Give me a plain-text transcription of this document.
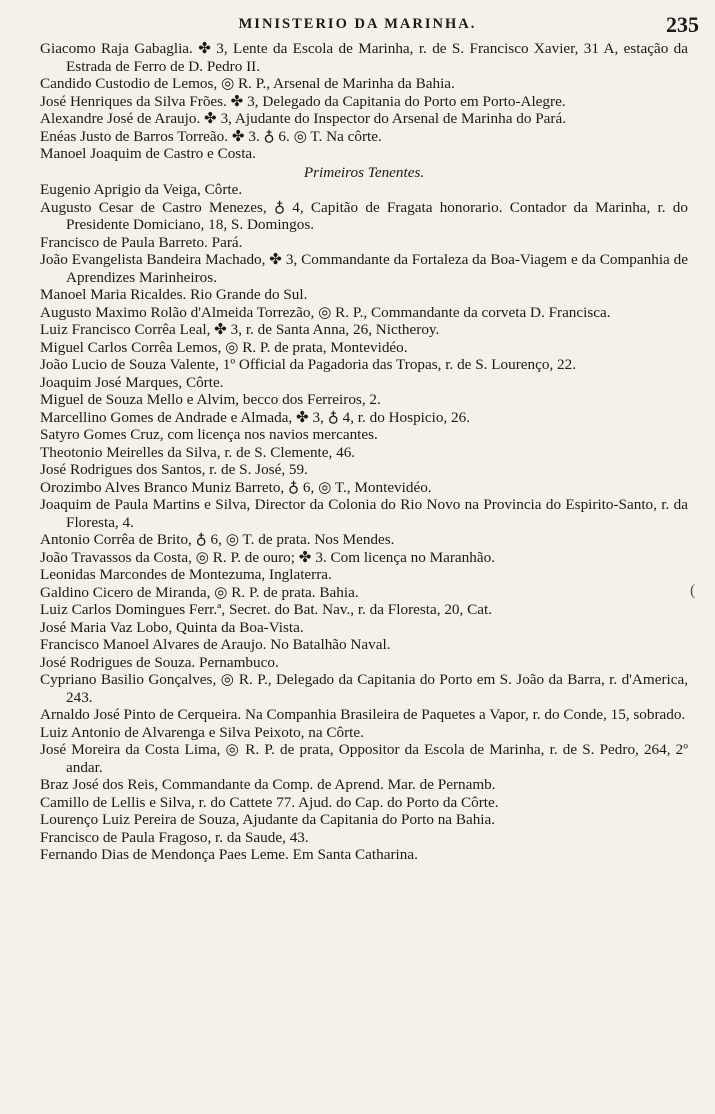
MINISTERIO DA MARINHA.	235

Giacomo Raja Gabaglia. ✤ 3, Lente da Escola de Marinha, r. de S. Francisco Xavier, 31 A, estação da Estrada de Ferro de D. Pedro II.

Candido Custodio de Lemos, ◎ R. P., Arsenal de Marinha da Bahia.

José Henriques da Silva Frões. ✤ 3, Delegado da Capitania do Porto em Porto-Alegre.

Alexandre José de Araujo. ✤ 3, Ajudante do Inspector do Arsenal de Marinha do Pará.

Enéas Justo de Barros Torreão. ✤ 3. ♁ 6. ◎ T. Na côrte.

Manoel Joaquim de Castro e Costa.

Primeiros Tenentes.

Eugenio Aprigio da Veiga, Côrte.

Augusto Cesar de Castro Menezes, ♁ 4, Capitão de Fragata honorario. Contador da Marinha, r. do Presidente Domiciano, 18, S. Domingos.

Francisco de Paula Barreto. Pará.

João Evangelista Bandeira Machado, ✤ 3, Commandante da Fortaleza da Boa-Viagem e da Companhia de Aprendizes Marinheiros.

Manoel Maria Ricaldes. Rio Grande do Sul.

Augusto Maximo Rolão d'Almeida Torrezão, ◎ R. P., Commandante da corveta D. Francisca.

Luiz Francisco Corrêa Leal, ✤ 3, r. de Santa Anna, 26, Nictheroy.

Miguel Carlos Corrêa Lemos, ◎ R. P. de prata, Montevidéo.

João Lucio de Souza Valente, 1º Official da Pagadoria das Tropas, r. de S. Lourenço, 22.

Joaquim José Marques, Côrte.

Miguel de Souza Mello e Alvim, becco dos Ferreiros, 2.

Marcellino Gomes de Andrade e Almada, ✤ 3, ♁ 4, r. do Hospicio, 26.

Satyro Gomes Cruz, com licença nos navios mercantes.

Theotonio Meirelles da Silva, r. de S. Clemente, 46.

José Rodrigues dos Santos, r. de S. José, 59.

Orozimbo Alves Branco Muniz Barreto, ♁ 6, ◎ T., Montevidéo.

Joaquim de Paula Martins e Silva, Director da Colonia do Rio Novo na Provincia do Espirito-Santo, r. da Floresta, 4.

Antonio Corrêa de Brito, ♁ 6, ◎ T. de prata. Nos Mendes.

João Travassos da Costa, ◎ R. P. de ouro; ✤ 3. Com licença no Maranhão.

Leonidas Marcondes de Montezuma, Inglaterra.

Galdino Cicero de Miranda, ◎ R. P. de prata. Bahia.

Luiz Carlos Domingues Ferr.ª, Secret. do Bat. Nav., r. da Floresta, 20, Cat.

José Maria Vaz Lobo, Quinta da Boa-Vista.

Francisco Manoel Alvares de Araujo. No Batalhão Naval.

José Rodrigues de Souza. Pernambuco.

Cypriano Basilio Gonçalves, ◎ R. P., Delegado da Capitania do Porto em S. João da Barra, r. d'America, 243.

Arnaldo José Pinto de Cerqueira. Na Companhia Brasileira de Paquetes a Vapor, r. do Conde, 15, sobrado.

Luiz Antonio de Alvarenga e Silva Peixoto, na Côrte.

José Moreira da Costa Lima, ◎ R. P. de prata, Oppositor da Escola de Marinha, r. de S. Pedro, 264, 2º andar.

Braz José dos Reis, Commandante da Comp. de Aprend. Mar. de Pernamb.

Camillo de Lellis e Silva, r. do Cattete 77. Ajud. do Cap. do Porto da Côrte.

Lourenço Luiz Pereira de Souza, Ajudante da Capitania do Porto na Bahia.

Francisco de Paula Fragoso, r. da Saude, 43.

Fernando Dias de Mendonça Paes Leme. Em Santa Catharina.

(
